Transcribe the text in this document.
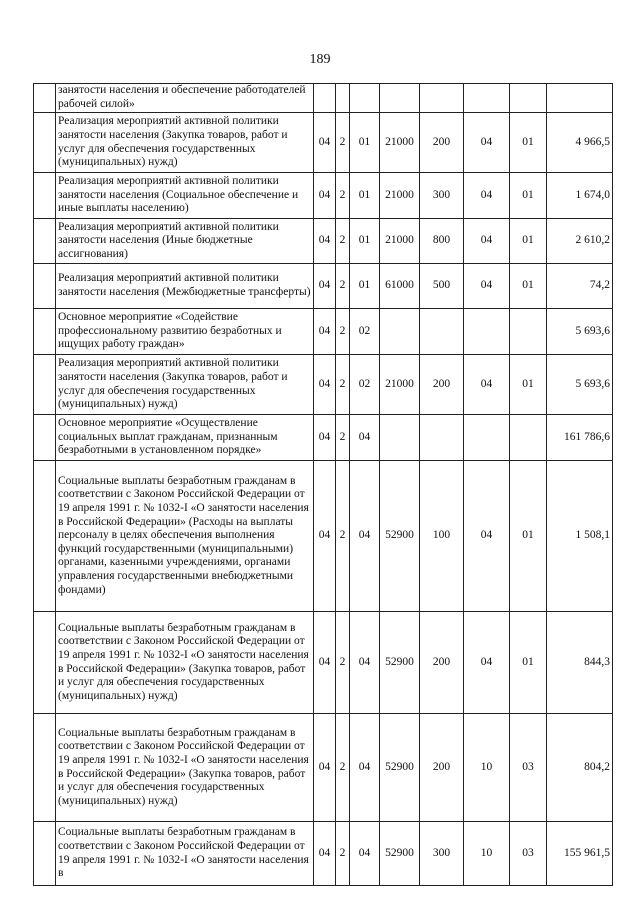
189
	занятости населения и обеспечение работодателей рабочей силой»								
	Реализация мероприятий активной политики занятости населения (Закупка товаров, работ и услуг для обеспечения государственных (муниципальных) нужд)	04	2	01	21000	200	04	01	4 966,5
	Реализация мероприятий активной политики занятости населения (Социальное обеспечение и иные выплаты населению)	04	2	01	21000	300	04	01	1 674,0
	Реализация мероприятий активной политики занятости населения (Иные бюджетные ассигнования)	04	2	01	21000	800	04	01	2 610,2
	Реализация мероприятий активной политики занятости населения (Межбюджетные трансферты)	04	2	01	61000	500	04	01	74,2
	Основное мероприятие «Содействие профессиональному развитию безработных и ищущих работу граждан»	04	2	02					5 693,6
	Реализация мероприятий активной политики занятости населения (Закупка товаров, работ и услуг для обеспечения государственных (муниципальных) нужд)	04	2	02	21000	200	04	01	5 693,6
	Основное мероприятие «Осуществление социальных выплат гражданам, признанным безработными в установленном порядке»	04	2	04					161 786,6
	Социальные выплаты безработным гражданам в соответствии с Законом Российской Федерации от 19 апреля 1991 г. № 1032-I «О занятости населения в Российской Федерации» (Расходы на выплаты персоналу в целях обеспечения выполнения функций государственными (муниципальными) органами, казенными учреждениями, органами управления государственными внебюджетными фондами)	04	2	04	52900	100	04	01	1 508,1
	Социальные выплаты безработным гражданам в соответствии с Законом Российской Федерации от 19 апреля 1991 г. № 1032-I «О занятости населения в Российской Федерации» (Закупка товаров, работ и услуг для обеспечения государственных (муниципальных) нужд)	04	2	04	52900	200	04	01	844,3
	Социальные выплаты безработным гражданам в соответствии с Законом Российской Федерации от 19 апреля 1991 г. № 1032-I «О занятости населения в Российской Федерации» (Закупка товаров, работ и услуг для обеспечения государственных (муниципальных) нужд)	04	2	04	52900	200	10	03	804,2
	Социальные выплаты безработным гражданам в соответствии с Законом Российской Федерации от 19 апреля 1991 г. № 1032-I «О занятости населения в	04	2	04	52900	300	10	03	155 961,5
